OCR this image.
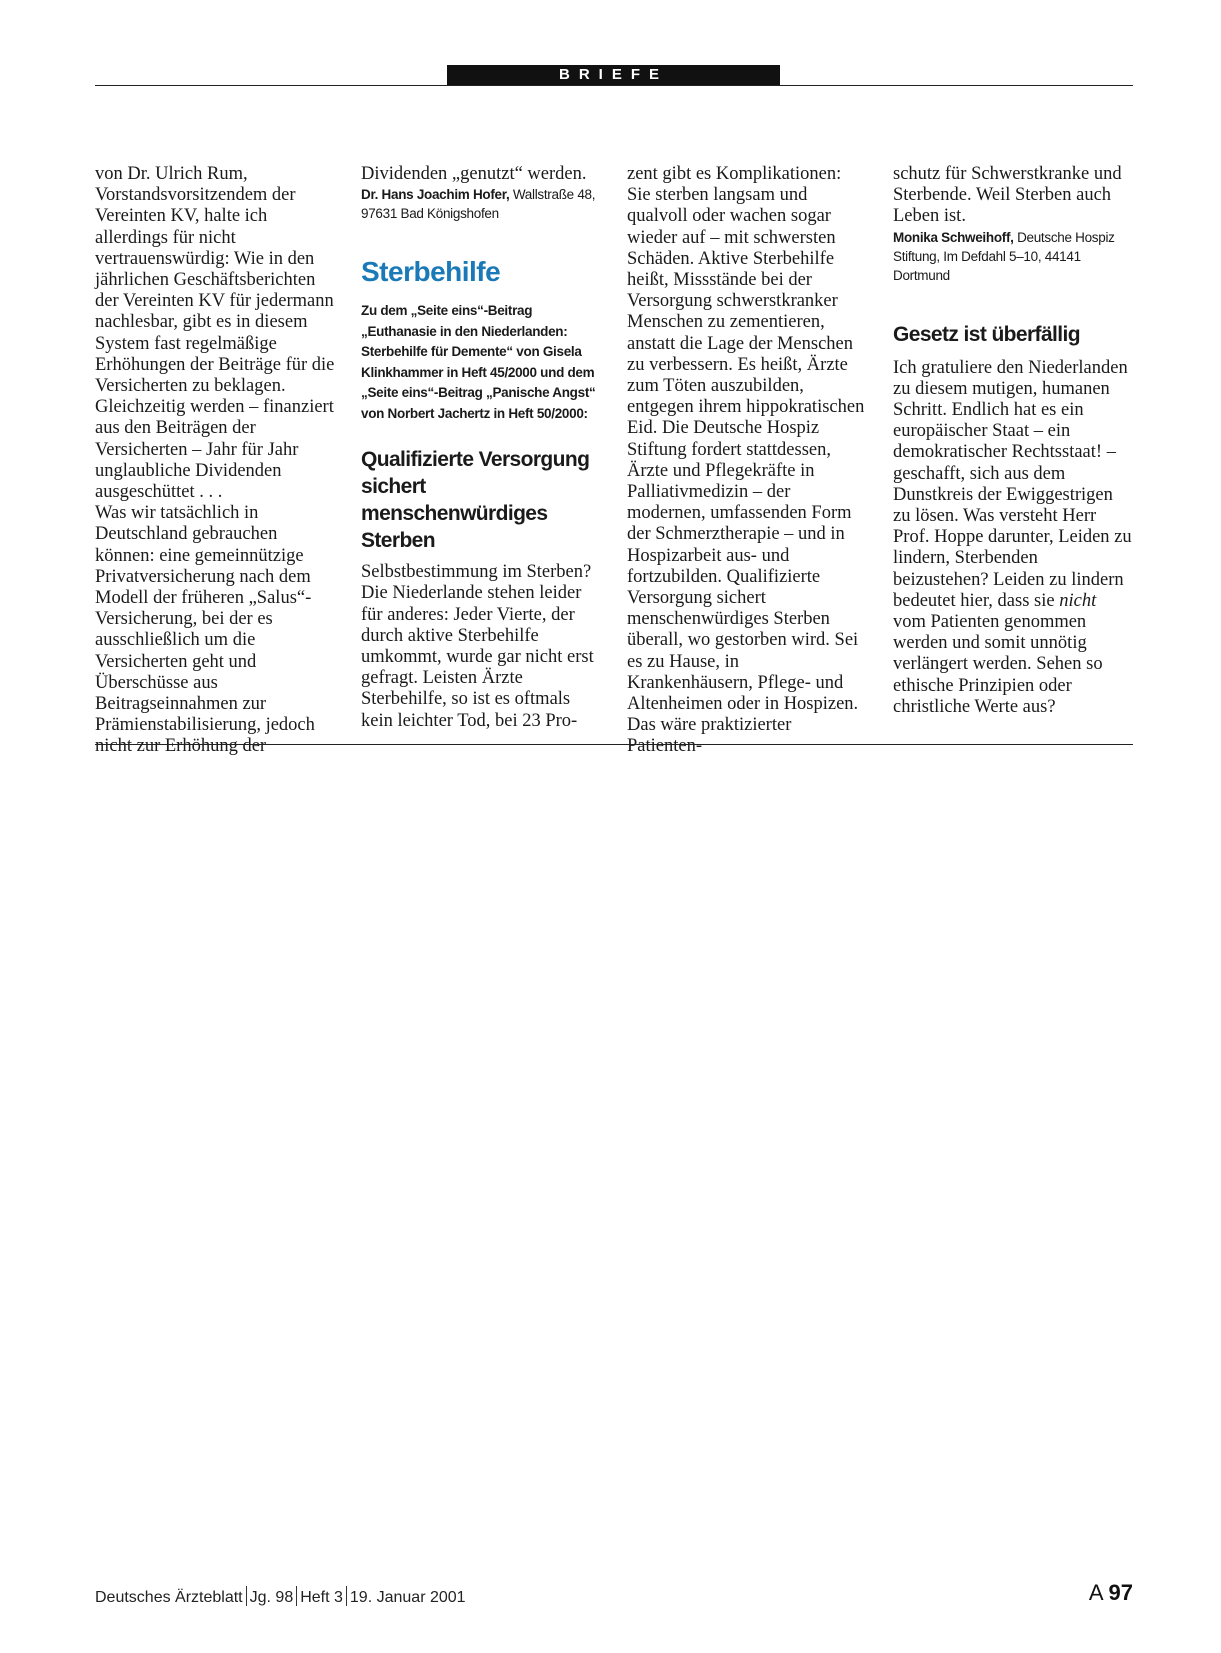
BRIEFE

von Dr. Ulrich Rum, Vorstandsvorsitzendem der Vereinten KV, halte ich allerdings für nicht vertrauenswürdig: Wie in den jährlichen Geschäftsberichten der Vereinten KV für jedermann nachlesbar, gibt es in diesem System fast regelmäßige Erhöhungen der Beiträge für die Versicherten zu beklagen. Gleichzeitig werden – finanziert aus den Beiträgen der Versicherten – Jahr für Jahr unglaubliche Dividenden ausgeschüttet . . .

Was wir tatsächlich in Deutschland gebrauchen können: eine gemeinnützige Privatversicherung nach dem Modell der früheren „Salus“-Versicherung, bei der es ausschließlich um die Versicherten geht und Überschüsse aus Beitragseinnahmen zur Prämienstabilisierung, jedoch nicht zur Erhöhung der

Dividenden „genutzt“ werden.

Dr. Hans Joachim Hofer, Wallstraße 48, 97631 Bad Königshofen

Sterbehilfe

Zu dem „Seite eins“-Beitrag „Euthanasie in den Niederlanden: Sterbehilfe für Demente“ von Gisela Klinkhammer in Heft 45/2000 und dem „Seite eins“-Beitrag „Panische Angst“ von Norbert Jachertz in Heft 50/2000:

Qualifizierte Versorgung sichert menschenwürdiges Sterben

Selbstbestimmung im Sterben? Die Niederlande stehen leider für anderes: Jeder Vierte, der durch aktive Sterbehilfe umkommt, wurde gar nicht erst gefragt. Leisten Ärzte Sterbehilfe, so ist es oftmals kein leichter Tod, bei 23 Pro-

zent gibt es Komplikationen: Sie sterben langsam und qualvoll oder wachen sogar wieder auf – mit schwersten Schäden. Aktive Sterbehilfe heißt, Missstände bei der Versorgung schwerstkranker Menschen zu zementieren, anstatt die Lage der Menschen zu verbessern. Es heißt, Ärzte zum Töten auszubilden, entgegen ihrem hippokratischen Eid. Die Deutsche Hospiz Stiftung fordert stattdessen, Ärzte und Pflegekräfte in Palliativmedizin – der modernen, umfassenden Form der Schmerztherapie – und in Hospizarbeit aus- und fortzubilden. Qualifizierte Versorgung sichert menschenwürdiges Sterben überall, wo gestorben wird. Sei es zu Hause, in Krankenhäusern, Pflege- und Altenheimen oder in Hospizen. Das wäre praktizierter Patienten-

schutz für Schwerstkranke und Sterbende. Weil Sterben auch Leben ist.

Monika Schweihoff, Deutsche Hospiz Stiftung, Im Defdahl 5–10, 44141 Dortmund

Gesetz ist überfällig

Ich gratuliere den Niederlanden zu diesem mutigen, humanen Schritt. Endlich hat es ein europäischer Staat – ein demokratischer Rechtsstaat! – geschafft, sich aus dem Dunstkreis der Ewiggestrigen zu lösen. Was versteht Herr Prof. Hoppe darunter, Leiden zu lindern, Sterbenden beizustehen? Leiden zu lindern bedeutet hier, dass sie nicht vom Patienten genommen werden und somit unnötig verlängert werden. Sehen so ethische Prinzipien oder christliche Werte aus?

Deutsches Ärzteblatt Jg. 98 Heft 3 19. Januar 2001	A 97
